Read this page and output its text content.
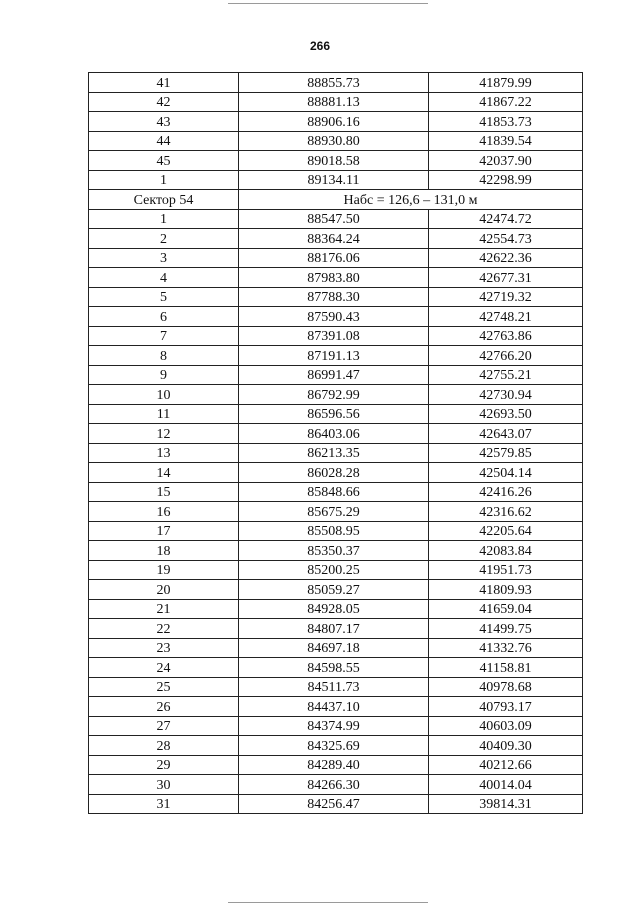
266
41	88855.73	41879.99
42	88881.13	41867.22
43	88906.16	41853.73
44	88930.80	41839.54
45	89018.58	42037.90
1	89134.11	42298.99
Сектор 54	Набс = 126,6 – 131,0 м	
1	88547.50	42474.72
2	88364.24	42554.73
3	88176.06	42622.36
4	87983.80	42677.31
5	87788.30	42719.32
6	87590.43	42748.21
7	87391.08	42763.86
8	87191.13	42766.20
9	86991.47	42755.21
10	86792.99	42730.94
11	86596.56	42693.50
12	86403.06	42643.07
13	86213.35	42579.85
14	86028.28	42504.14
15	85848.66	42416.26
16	85675.29	42316.62
17	85508.95	42205.64
18	85350.37	42083.84
19	85200.25	41951.73
20	85059.27	41809.93
21	84928.05	41659.04
22	84807.17	41499.75
23	84697.18	41332.76
24	84598.55	41158.81
25	84511.73	40978.68
26	84437.10	40793.17
27	84374.99	40603.09
28	84325.69	40409.30
29	84289.40	40212.66
30	84266.30	40014.04
31	84256.47	39814.31
